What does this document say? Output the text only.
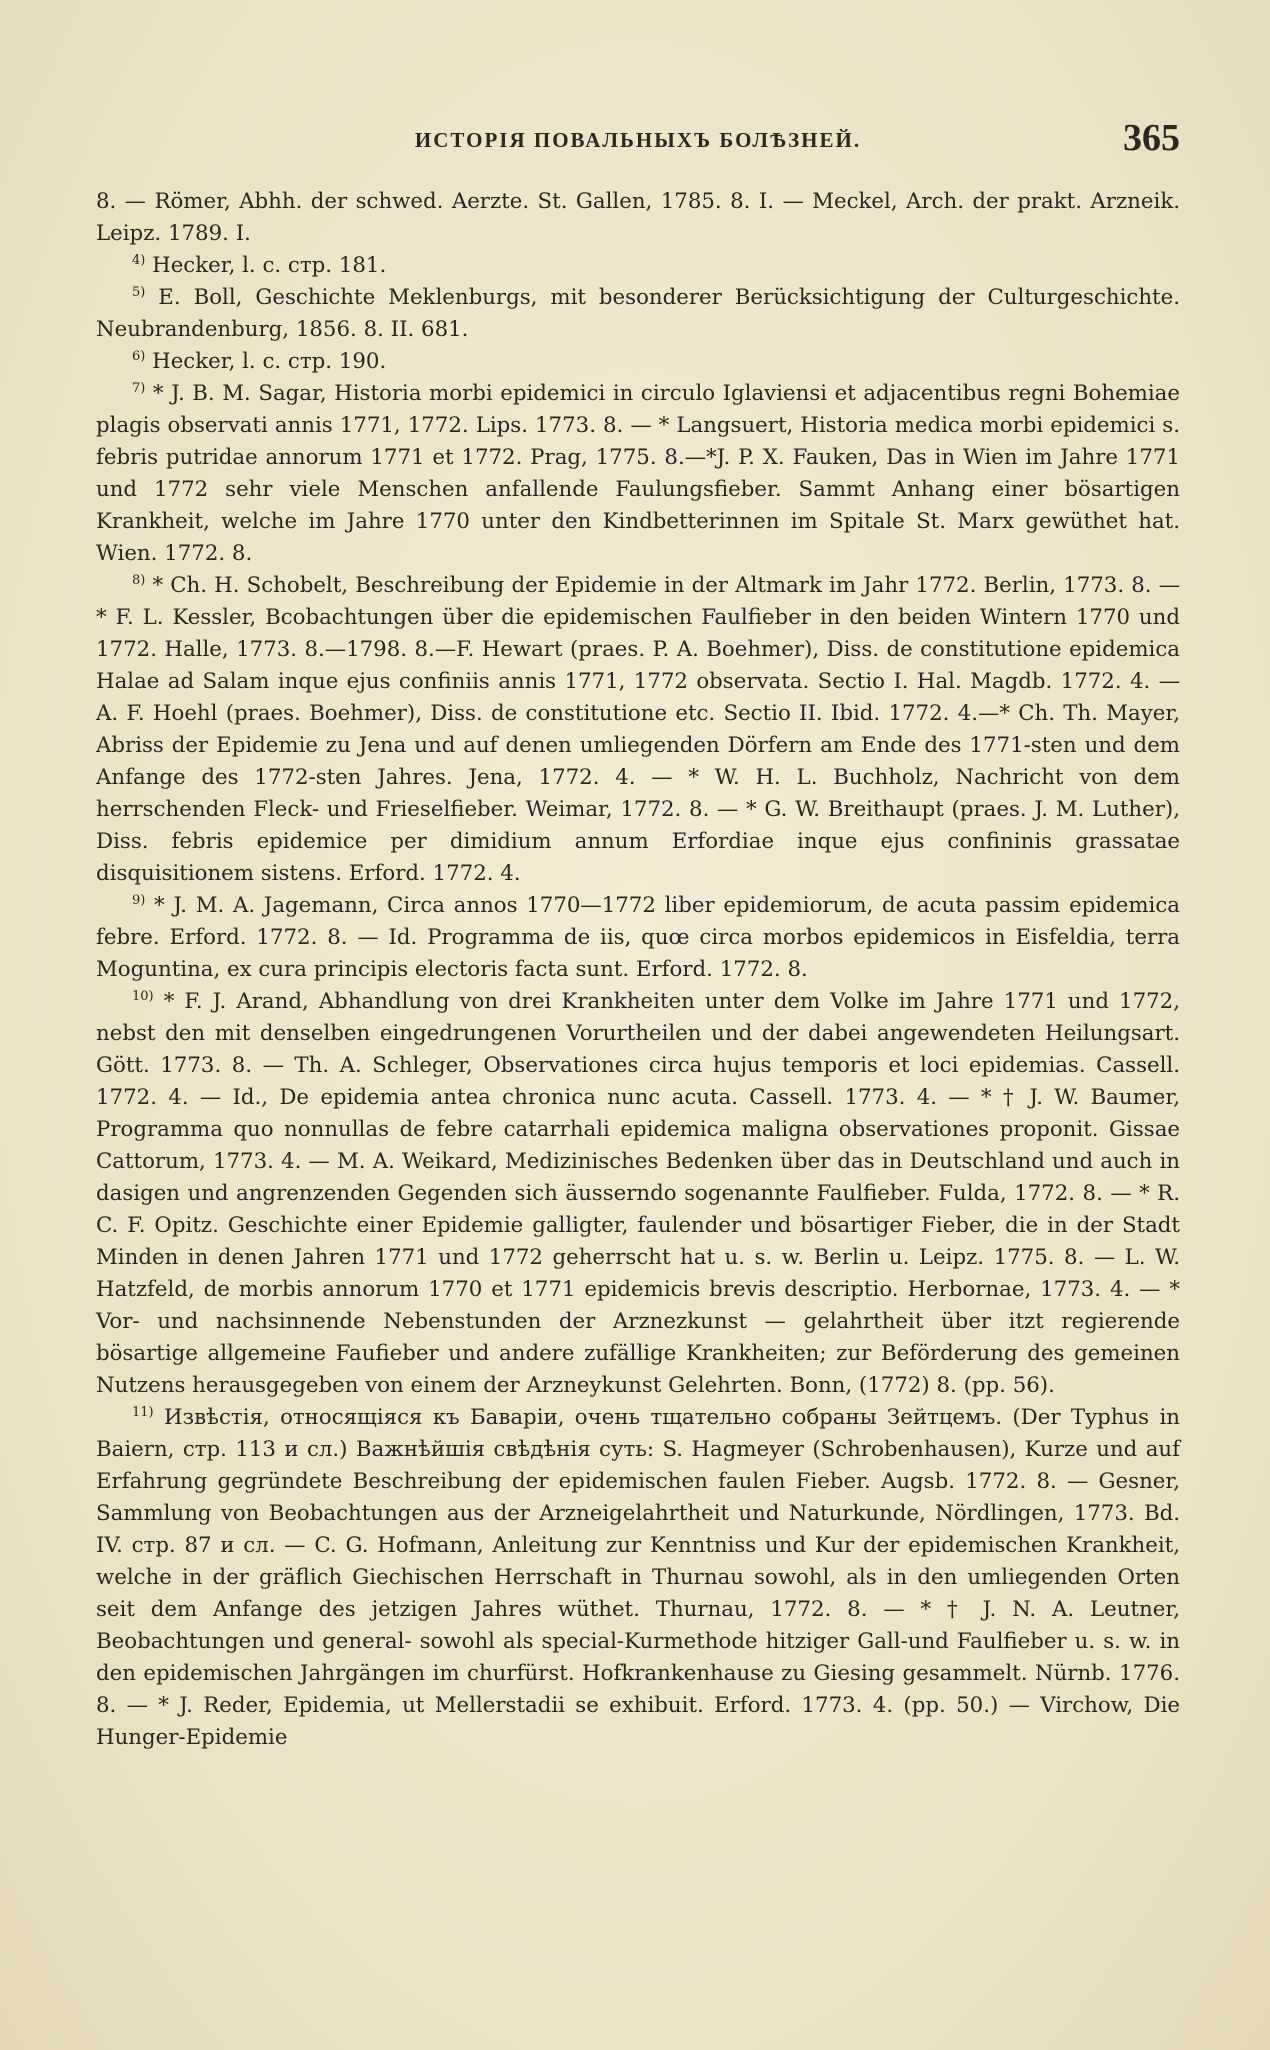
ИСТОРІЯ ПОВАЛЬНЫХЪ БОЛѢЗНЕЙ.	365

8. — Römer, Abhh. der schwed. Aerzte. St. Gallen, 1785. 8. I. — Meckel, Arch. der prakt. Arzneik. Leipz. 1789. I.

$^{4)}$ Hecker, l. c. стр. 181.

$^{5)}$ E. Boll, Geschichte Meklenburgs, mit besonderer Berücksichtigung der Culturgeschichte. Neubrandenburg, 1856. 8. II. 681.

$^{6)}$ Hecker, l. c. стр. 190.

$^{7)}$ * J. B. M. Sagar, Historia morbi epidemici in circulo Iglaviensi et adjacentibus regni Bohemiae plagis observati annis 1771, 1772. Lips. 1773. 8. — * Langsuert, Historia medica morbi epidemici s. febris putridae annorum 1771 et 1772. Prag, 1775. 8.—*J. P. X. Fauken, Das in Wien im Jahre 1771 und 1772 sehr viele Menschen anfallende Faulungsfieber. Sammt Anhang einer bösartigen Krankheit, welche im Jahre 1770 unter den Kindbetterinnen im Spitale St. Marx gewüthet hat. Wien. 1772. 8.

$^{8)}$ * Ch. H. Schobelt, Beschreibung der Epidemie in der Altmark im Jahr 1772. Berlin, 1773. 8. — * F. L. Kessler, Bcobachtungen über die epidemischen Faulfieber in den beiden Wintern 1770 und 1772. Halle, 1773. 8.—1798. 8.—F. Hewart (praes. P. A. Boehmer), Diss. de constitutione epidemica Halae ad Salam inque ejus confiniis annis 1771, 1772 observata. Sectio I. Hal. Magdb. 1772. 4. — A. F. Hoehl (praes. Boehmer), Diss. de constitutione etc. Sectio II. Ibid. 1772. 4.—* Ch. Th. Mayer, Abriss der Epidemie zu Jena und auf denen umliegenden Dörfern am Ende des 1771-sten und dem Anfange des 1772-sten Jahres. Jena, 1772. 4. — * W. H. L. Buchholz, Nachricht von dem herrschenden Fleck- und Frieselfieber. Weimar, 1772. 8. — * G. W. Breithaupt (praes. J. M. Luther), Diss. febris epidemice per dimidium annum Erfordiae inque ejus confininis grassatae disquisitionem sistens. Erford. 1772. 4.

$^{9)}$ * J. M. A. Jagemann, Circa annos 1770—1772 liber epidemiorum, de acuta passim epidemica febre. Erford. 1772. 8. — Id. Programma de iis, quœ circa morbos epidemicos in Eisfeldia, terra Moguntina, ex cura principis electoris facta sunt. Erford. 1772. 8.

$^{10)}$ * F. J. Arand, Abhandlung von drei Krankheiten unter dem Volke im Jahre 1771 und 1772, nebst den mit denselben eingedrungenen Vorurtheilen und der dabei angewendeten Heilungsart. Gött. 1773. 8. — Th. A. Schleger, Observationes circa hujus temporis et loci epidemias. Cassell. 1772. 4. — Id., De epidemia antea chronica nunc acuta. Cassell. 1773. 4. — * † J. W. Baumer, Programma quo nonnullas de febre catarrhali epidemica maligna observationes proponit. Gissae Cattorum, 1773. 4. — M. A. Weikard, Medizinisches Bedenken über das in Deutschland und auch in dasigen und angrenzenden Gegenden sich äusserndo sogenannte Faulfieber. Fulda, 1772. 8. — * R. C. F. Opitz. Geschichte einer Epidemie galligter, faulender und bösartiger Fieber, die in der Stadt Minden in denen Jahren 1771 und 1772 geherrscht hat u. s. w. Berlin u. Leipz. 1775. 8. — L. W. Hatzfeld, de morbis annorum 1770 et 1771 epidemicis brevis descriptio. Herbornae, 1773. 4. — * Vor- und nachsinnende Nebenstunden der Arznezkunst — gelahrtheit über itzt regierende bösartige allgemeine Faufieber und andere zufällige Krankheiten; zur Beförderung des gemeinen Nutzens herausgegeben von einem der Arzneykunst Gelehrten. Bonn, (1772) 8. (pp. 56).

$^{11)}$ Извѣстія, относящіяся къ Баваріи, очень тщательно собраны Зейтцемъ. (Der Typhus in Baiern, стр. 113 и сл.) Важнѣйшія свѣдѣнія суть: S. Hagmeyer (Schrobenhausen), Kurze und auf Erfahrung gegründete Beschreibung der epidemischen faulen Fieber. Augsb. 1772. 8. — Gesner, Sammlung von Beobachtungen aus der Arzneigelahrtheit und Naturkunde, Nördlingen, 1773. Bd. IV. стр. 87 и сл. — C. G. Hofmann, Anleitung zur Kenntniss und Kur der epidemischen Krankheit, welche in der gräflich Giechischen Herrschaft in Thurnau sowohl, als in den umliegenden Orten seit dem Anfange des jetzigen Jahres wüthet. Thurnau, 1772. 8. — * † J. N. A. Leutner, Beobachtungen und general- sowohl als special-Kurmethode hitziger Gall-und Faulfieber u. s. w. in den epidemischen Jahrgängen im churfürst. Hofkrankenhause zu Giesing gesammelt. Nürnb. 1776. 8. — * J. Reder, Epidemia, ut Mellerstadii se exhibuit. Erford. 1773. 4. (pp. 50.) — Virchow, Die Hunger-Epidemie
